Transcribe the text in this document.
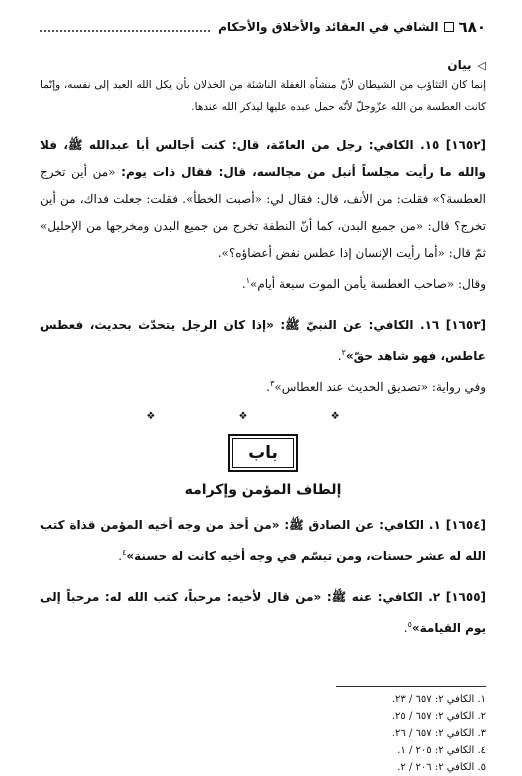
٦٨٠
الشافي في العقائد والأخلاق والأحكام
◁
بيان
إنما كان التثاؤب من الشيطان لأنّ منشأه الغفلة الناشئة من الخذلان بأن يكل الله العبد إلى نفسه، وإنّما كانت العطسة من الله عزّوجلّ لأنّه حمل عبده عليها ليذكر الله عندها.
[١٦٥٢] ١٥. الكافي: رجل من العامّة، قال: كنت أجالس أبا عبدالله ﷺ، فلا والله ما رأيت مجلساً أنبل من مجالسه، قال: فقال ذات يوم: «من أين تخرج العطسة؟» فقلت: من الأنف، قال: فقال لي: «أصبت الخطأ». فقلت: جعلت فداك، من أين تخرج؟ قال: «من جميع البدن، كما أنّ النطفة تخرج من جميع البدن ومخرجها من الإحليل» ثمّ قال: «أما رأيت الإنسان إذا عطس نفض أعضاؤه؟».
وقال: «صاحب العطسة يأمن الموت سبعة أيام»$^١$.
[١٦٥٣] ١٦. الكافي: عن النبيّ ﷺ: «إذا كان الرجل يتحدّث بحديث، فعطس عاطس، فهو شاهد حقّ»$^٢$.
وفي رواية: «تصديق الحديث عند العطاس»$^٣$.
❖ ❖ ❖
باب
إلطاف المؤمن وإكرامه
[١٦٥٤] ١. الكافي: عن الصادق ﷺ: «من أخذ من وجه أخيه المؤمن قذاة كتب الله له عشر حسنات، ومن تبسّم في وجه أخيه كانت له حسنة»$^٤$.
[١٦٥٥] ٢. الكافي: عنه ﷺ: «من قال لأخيه: مرحباً، كتب الله له: مرحباً إلى يوم القيامة»$^٥$.
١. الكافي ٢: ٦٥٧ / ٢٣.
٢. الكافي ٢: ٦٥٧ / ٢٥.
٣. الكافي ٢: ٦٥٧ / ٢٦.
٤. الكافي ٢: ٢٠٥ / ١.
٥. الكافي ٢: ٢٠٦ / ٢.
